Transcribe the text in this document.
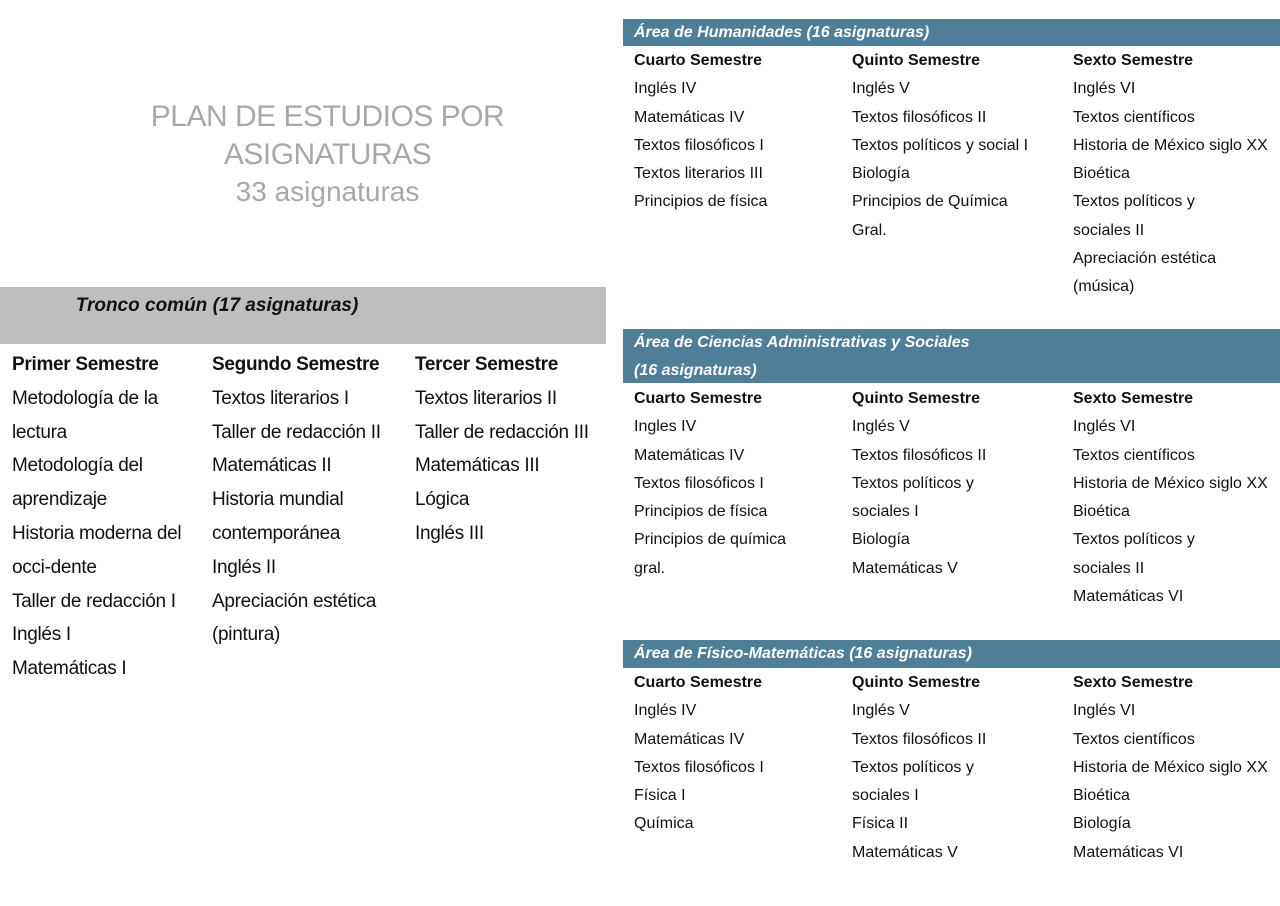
PLAN DE ESTUDIOS POR
ASIGNATURAS
33 asignaturas
Tronco común (17 asignaturas)
Primer Semestre
Metodología de la lectura
Metodología del aprendizaje
Historia moderna del occi-dente
Taller de redacción I
Inglés I
Matemáticas I
Segundo Semestre
Textos literarios I
Taller de redacción II
Matemáticas II
Historia mundial contemporánea
Inglés II
Apreciación estética (pintura)
Tercer Semestre
Textos literarios II
Taller de redacción III
Matemáticas III
Lógica
Inglés III
Área de Humanidades (16 asignaturas)
Cuarto Semestre
Inglés IV
Matemáticas IV
Textos filosóficos I
Textos literarios III
Principios de física
Quinto Semestre
Inglés V
Textos filosóficos II
Textos políticos y social I
Biología
Principios de Química Gral.
Sexto Semestre
Inglés VI
Textos científicos
Historia de México siglo XX
Bioética
Textos políticos y sociales II
Apreciación estética (música)
Área de Ciencias Administrativas y Sociales
(16 asignaturas)
Cuarto Semestre
Ingles IV
Matemáticas IV
Textos filosóficos I
Principios de física
Principios de química gral.
Quinto Semestre
Inglés V
Textos filosóficos II
Textos políticos y sociales I
Biología
Matemáticas V
Sexto Semestre
Inglés VI
Textos científicos
Historia de México siglo XX
Bioética
Textos políticos y sociales II
Matemáticas VI
Área de Físico-Matemáticas (16 asignaturas)
Cuarto Semestre
Inglés IV
Matemáticas IV
Textos filosóficos I
Física I
Química
Quinto Semestre
Inglés V
Textos filosóficos II
Textos políticos y sociales I
Física II
Matemáticas V
Sexto Semestre
Inglés VI
Textos científicos
Historia de México siglo XX
Bioética
Biología
Matemáticas VI
